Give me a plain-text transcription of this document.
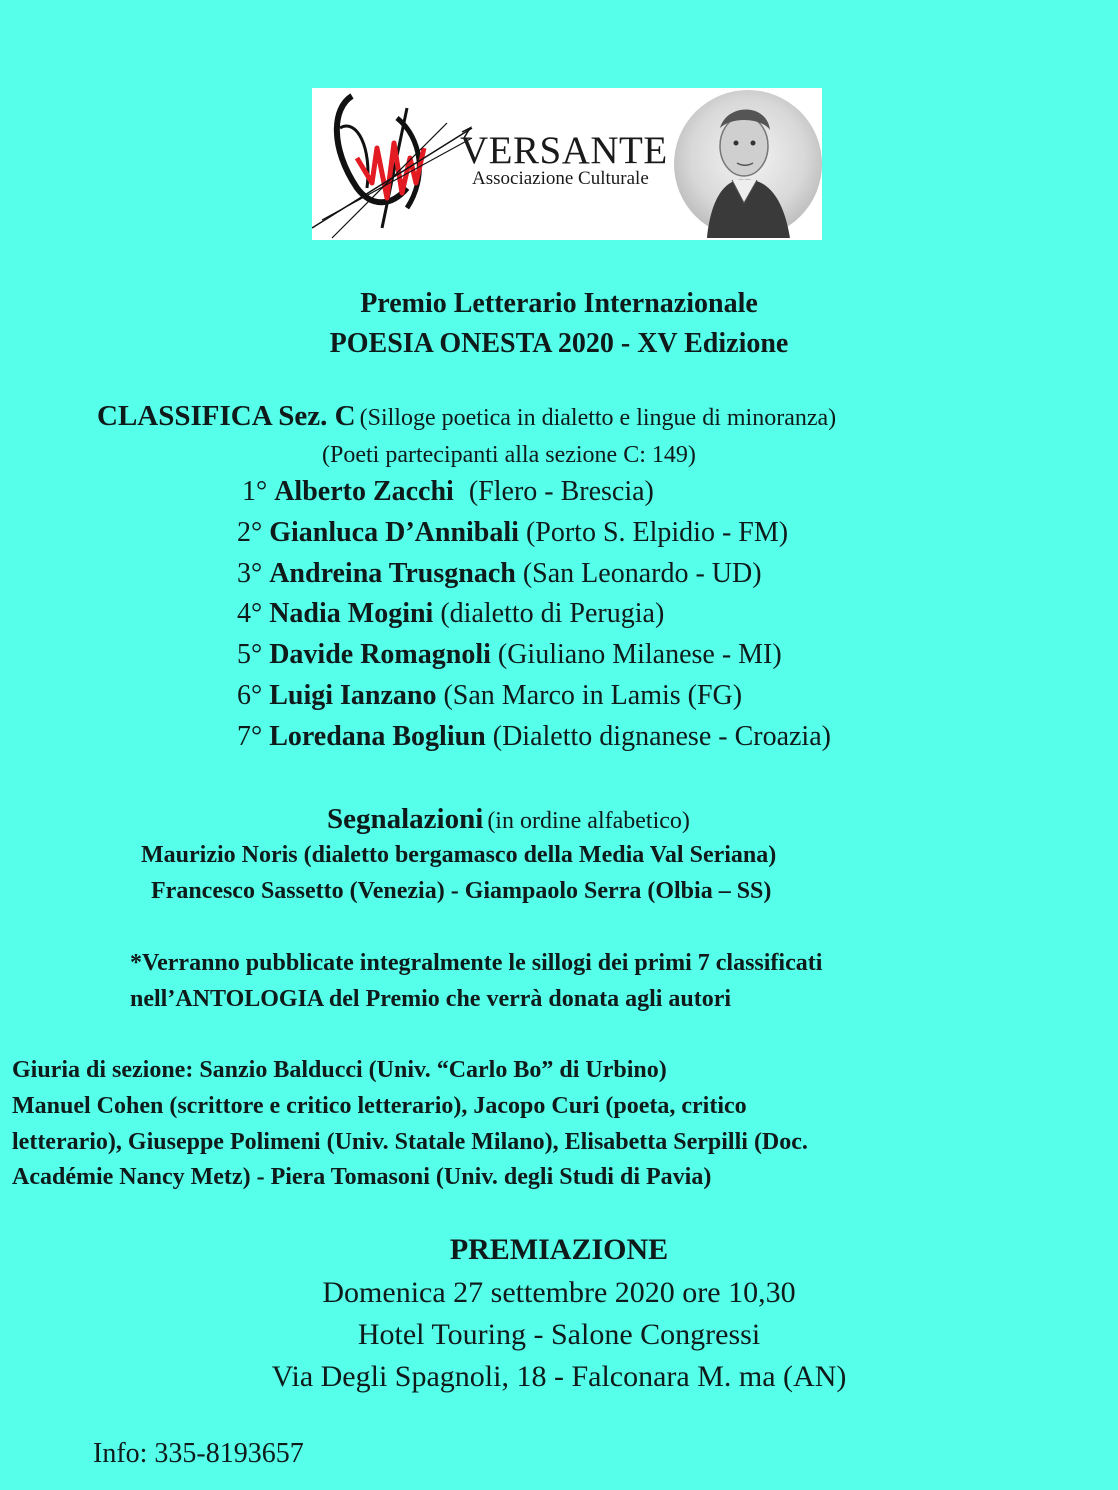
VERSANTE
Associazione Culturale
Premio Letterario Internazionale
POESIA ONESTA 2020 - XV Edizione
CLASSIFICA Sez. C (Silloge poetica in dialetto e lingue di minoranza)
(Poeti partecipanti alla sezione C: 149)
1° Alberto Zacchi (Flero - Brescia)
2° Gianluca D’Annibali (Porto S. Elpidio - FM)
3° Andreina Trusgnach (San Leonardo - UD)
4° Nadia Mogini (dialetto di Perugia)
5° Davide Romagnoli (Giuliano Milanese - MI)
6° Luigi Ianzano (San Marco in Lamis (FG)
7° Loredana Bogliun (Dialetto dignanese - Croazia)
Segnalazioni (in ordine alfabetico)
Maurizio Noris (dialetto bergamasco della Media Val Seriana)
Francesco Sassetto (Venezia) - Giampaolo Serra (Olbia – SS)
*Verranno pubblicate integralmente le sillogi dei primi 7 classificati
nell’ANTOLOGIA del Premio che verrà donata agli autori
Giuria di sezione: Sanzio Balducci (Univ. “Carlo Bo” di Urbino)
Manuel Cohen (scrittore e critico letterario), Jacopo Curi (poeta, critico
letterario), Giuseppe Polimeni (Univ. Statale Milano), Elisabetta Serpilli (Doc.
Académie Nancy Metz) - Piera Tomasoni (Univ. degli Studi di Pavia)
PREMIAZIONE
Domenica 27 settembre 2020 ore 10,30
Hotel Touring - Salone Congressi
Via Degli Spagnoli, 18 - Falconara M. ma (AN)
Info: 335-8193657
